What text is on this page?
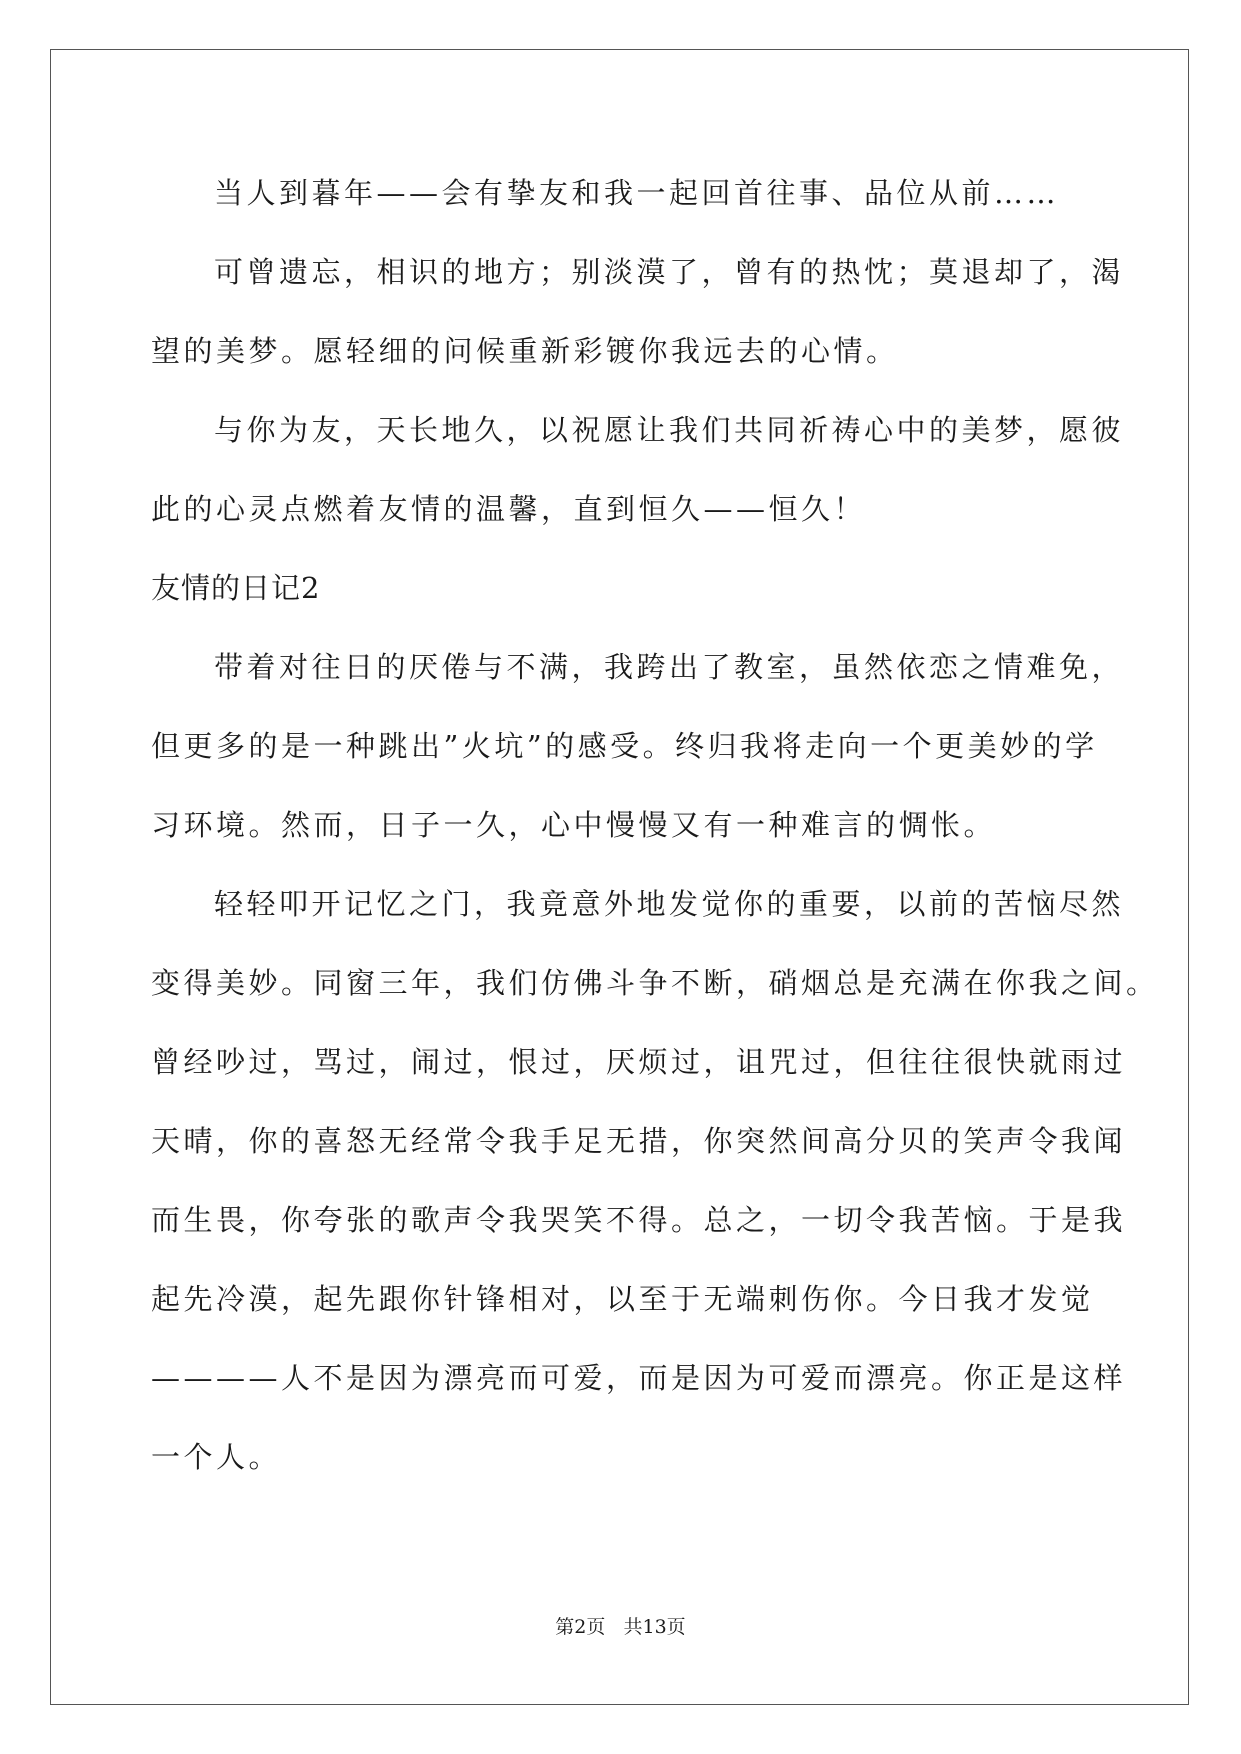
当人到暮年——会有挚友和我一起回首往事、品位从前……
可曾遗忘，相识的地方；别淡漠了，曾有的热忱；莫退却了，渴
望的美梦。愿轻细的问候重新彩镀你我远去的心情。
与你为友，天长地久，以祝愿让我们共同祈祷心中的美梦，愿彼
此的心灵点燃着友情的温馨，直到恒久——恒久！
友情的日记2
带着对往日的厌倦与不满，我跨出了教室，虽然依恋之情难免，
但更多的是一种跳出”火坑”的感受。终归我将走向一个更美妙的学
习环境。然而，日子一久，心中慢慢又有一种难言的惆怅。
轻轻叩开记忆之门，我竟意外地发觉你的重要，以前的苦恼尽然
变得美妙。同窗三年，我们仿佛斗争不断，硝烟总是充满在你我之间。
曾经吵过，骂过，闹过，恨过，厌烦过，诅咒过，但往往很快就雨过
天晴，你的喜怒无经常令我手足无措，你突然间高分贝的笑声令我闻
而生畏，你夸张的歌声令我哭笑不得。总之，一切令我苦恼。于是我
起先冷漠，起先跟你针锋相对，以至于无端刺伤你。今日我才发觉
————人不是因为漂亮而可爱，而是因为可爱而漂亮。你正是这样
一个人。
第2页   共13页
